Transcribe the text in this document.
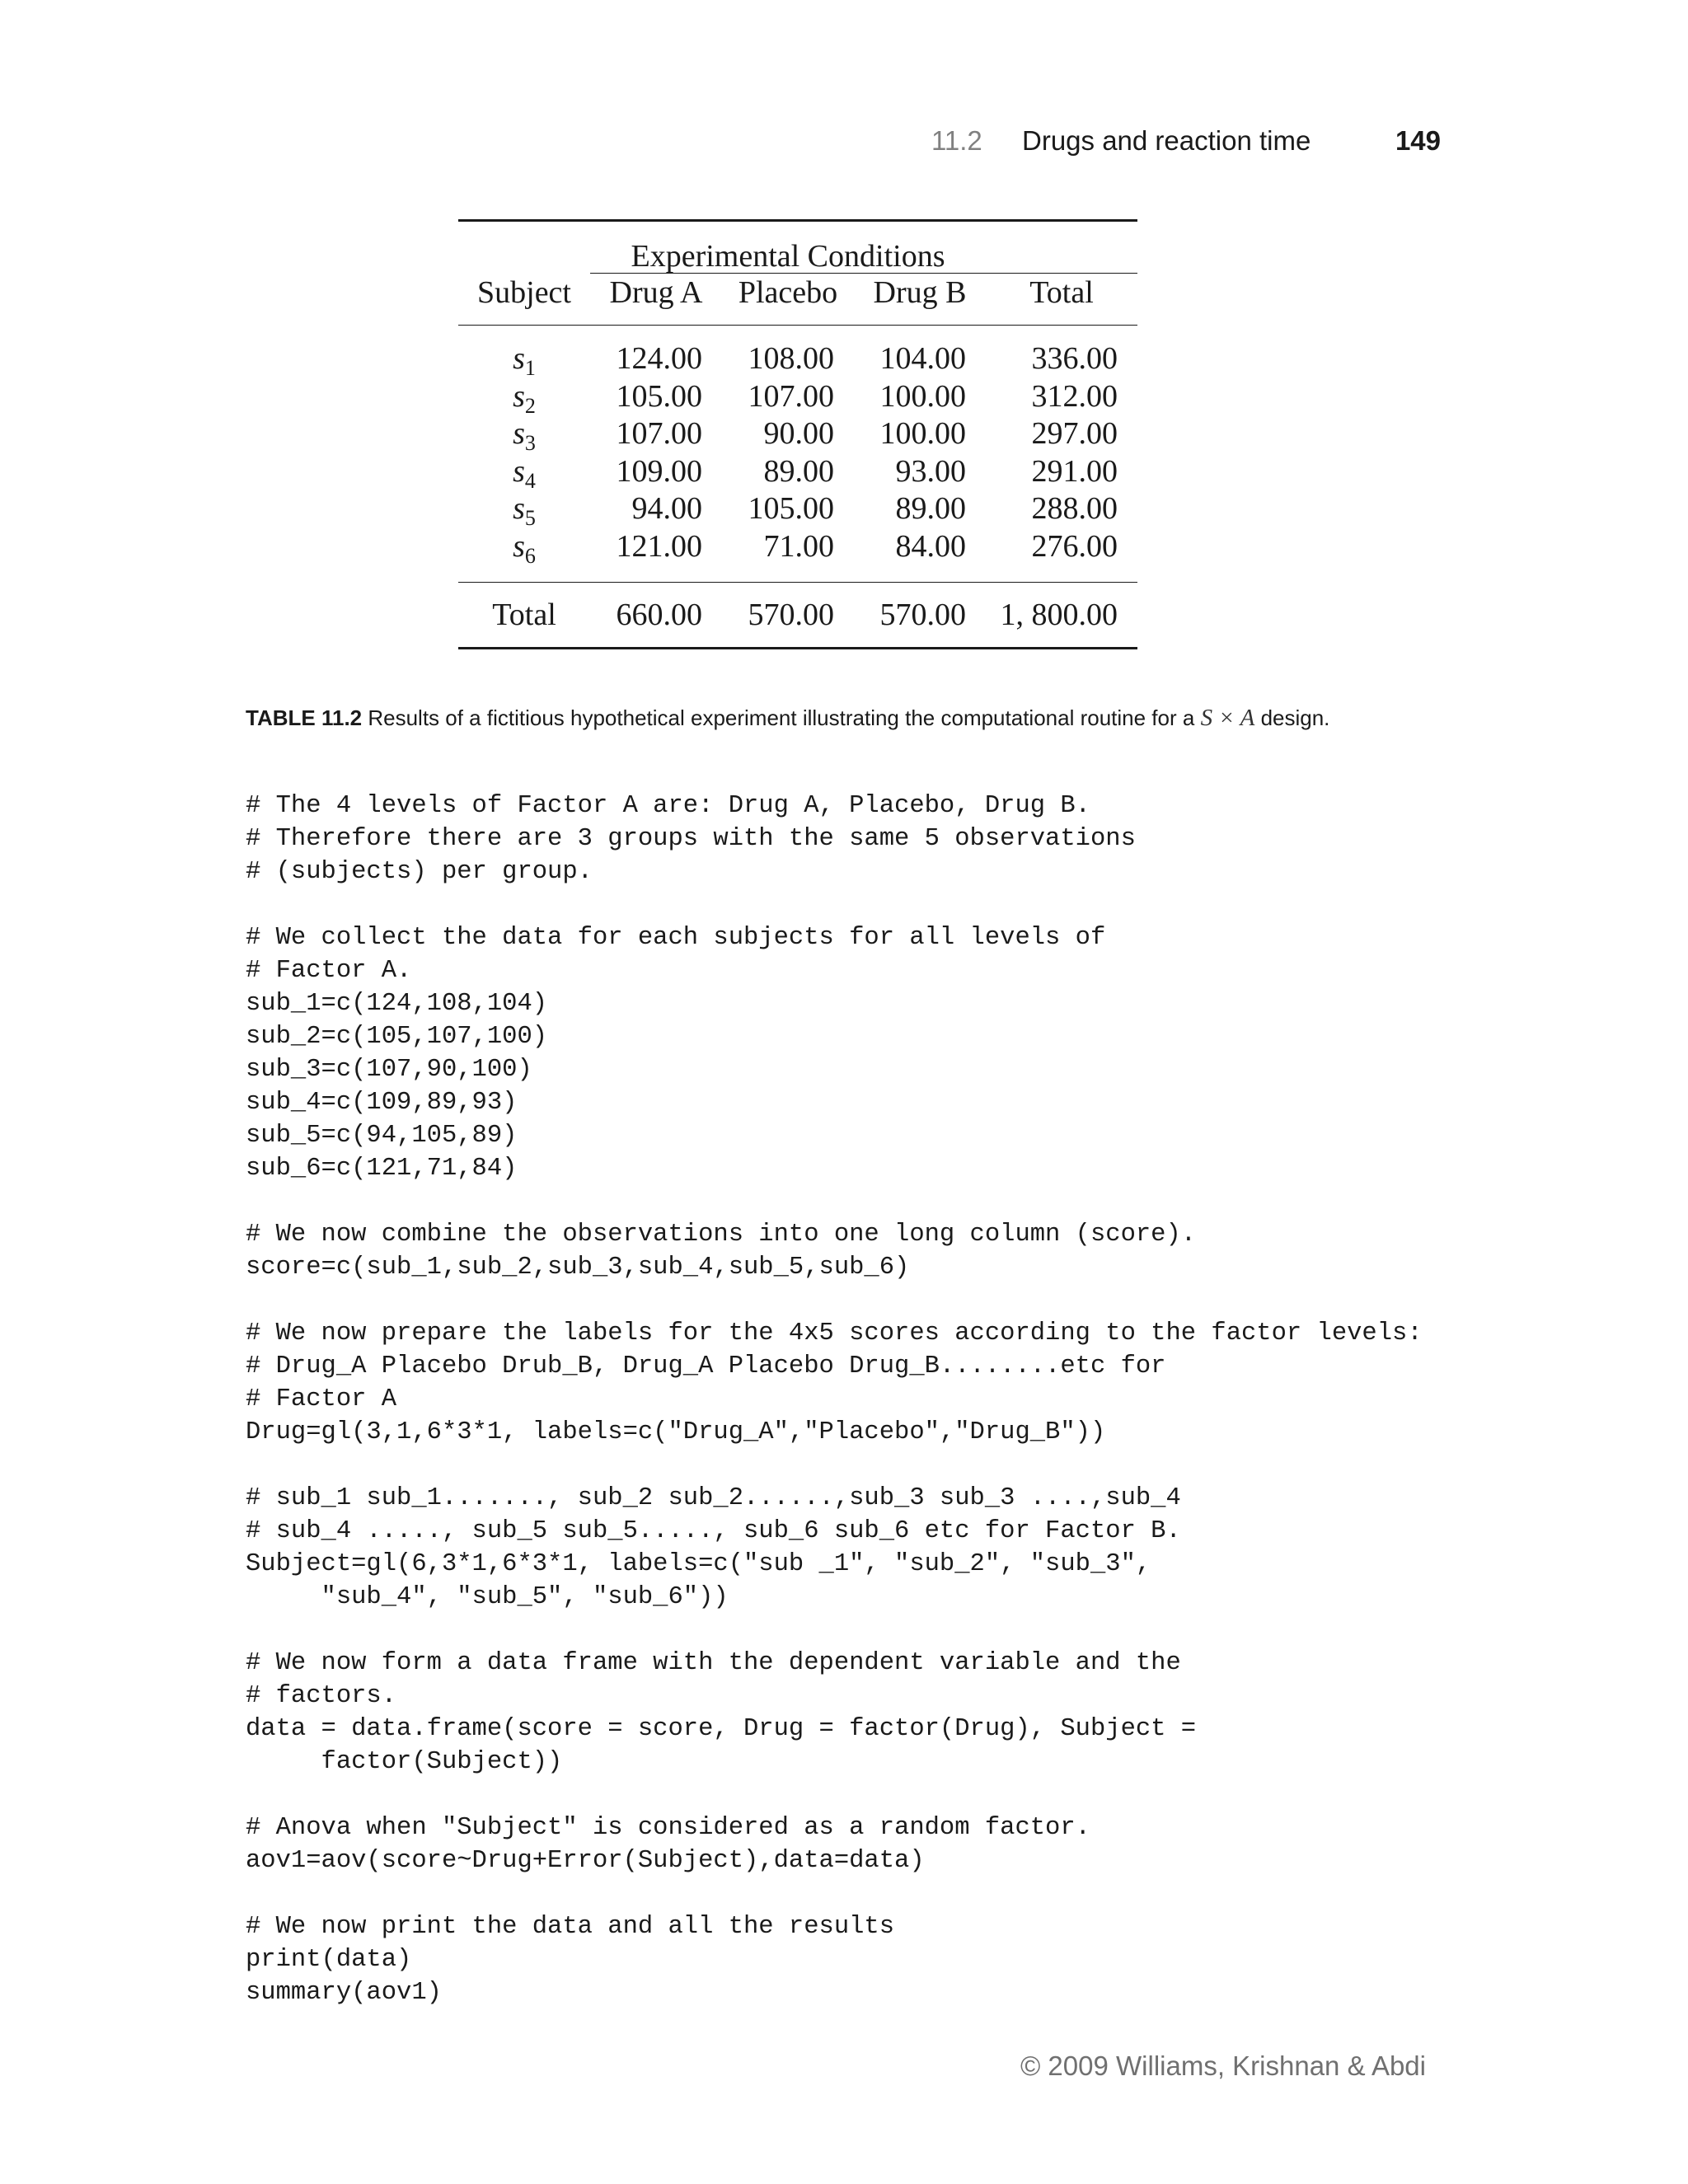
11.2 Drugs and reaction time	149
	Experimental Conditions			
Subject	Drug A	Placebo	Drug B	Total

$s_1$	124.00	108.00	104.00	336.00
$s_2$	105.00	107.00	100.00	312.00
$s_3$	107.00	90.00	100.00	297.00
$s_4$	109.00	89.00	93.00	291.00
$s_5$	94.00	105.00	89.00	288.00
$s_6$	121.00	71.00	84.00	276.00

Total	660.00	570.00	570.00	1, 800.00
TABLE 11.2 Results of a fictitious hypothetical experiment illustrating the computational routine for a S × A design.
# The 4 levels of Factor A are: Drug A, Placebo, Drug B.
# Therefore there are 3 groups with the same 5 observations
# (subjects) per group.

# We collect the data for each subjects for all levels of
# Factor A.
sub_1=c(124,108,104)
sub_2=c(105,107,100)
sub_3=c(107,90,100)
sub_4=c(109,89,93)
sub_5=c(94,105,89)
sub_6=c(121,71,84)

# We now combine the observations into one long column (score).
score=c(sub_1,sub_2,sub_3,sub_4,sub_5,sub_6)

# We now prepare the labels for the 4x5 scores according to the factor levels:
# Drug_A Placebo Drub_B, Drug_A Placebo Drug_B........etc for
# Factor A
Drug=gl(3,1,6*3*1, labels=c("Drug_A","Placebo","Drug_B"))

# sub_1 sub_1......., sub_2 sub_2......,sub_3 sub_3 ....,sub_4
# sub_4 ....., sub_5 sub_5....., sub_6 sub_6 etc for Factor B.
Subject=gl(6,3*1,6*3*1, labels=c("sub _1", "sub_2", "sub_3",
"sub_4", "sub_5", "sub_6"))

# We now form a data frame with the dependent variable and the
# factors.
data = data.frame(score = score, Drug = factor(Drug), Subject =
factor(Subject))

# Anova when "Subject" is considered as a random factor.
aov1=aov(score~Drug+Error(Subject),data=data)

# We now print the data and all the results
print(data)
summary(aov1)

© 2009 Williams, Krishnan & Abdi
